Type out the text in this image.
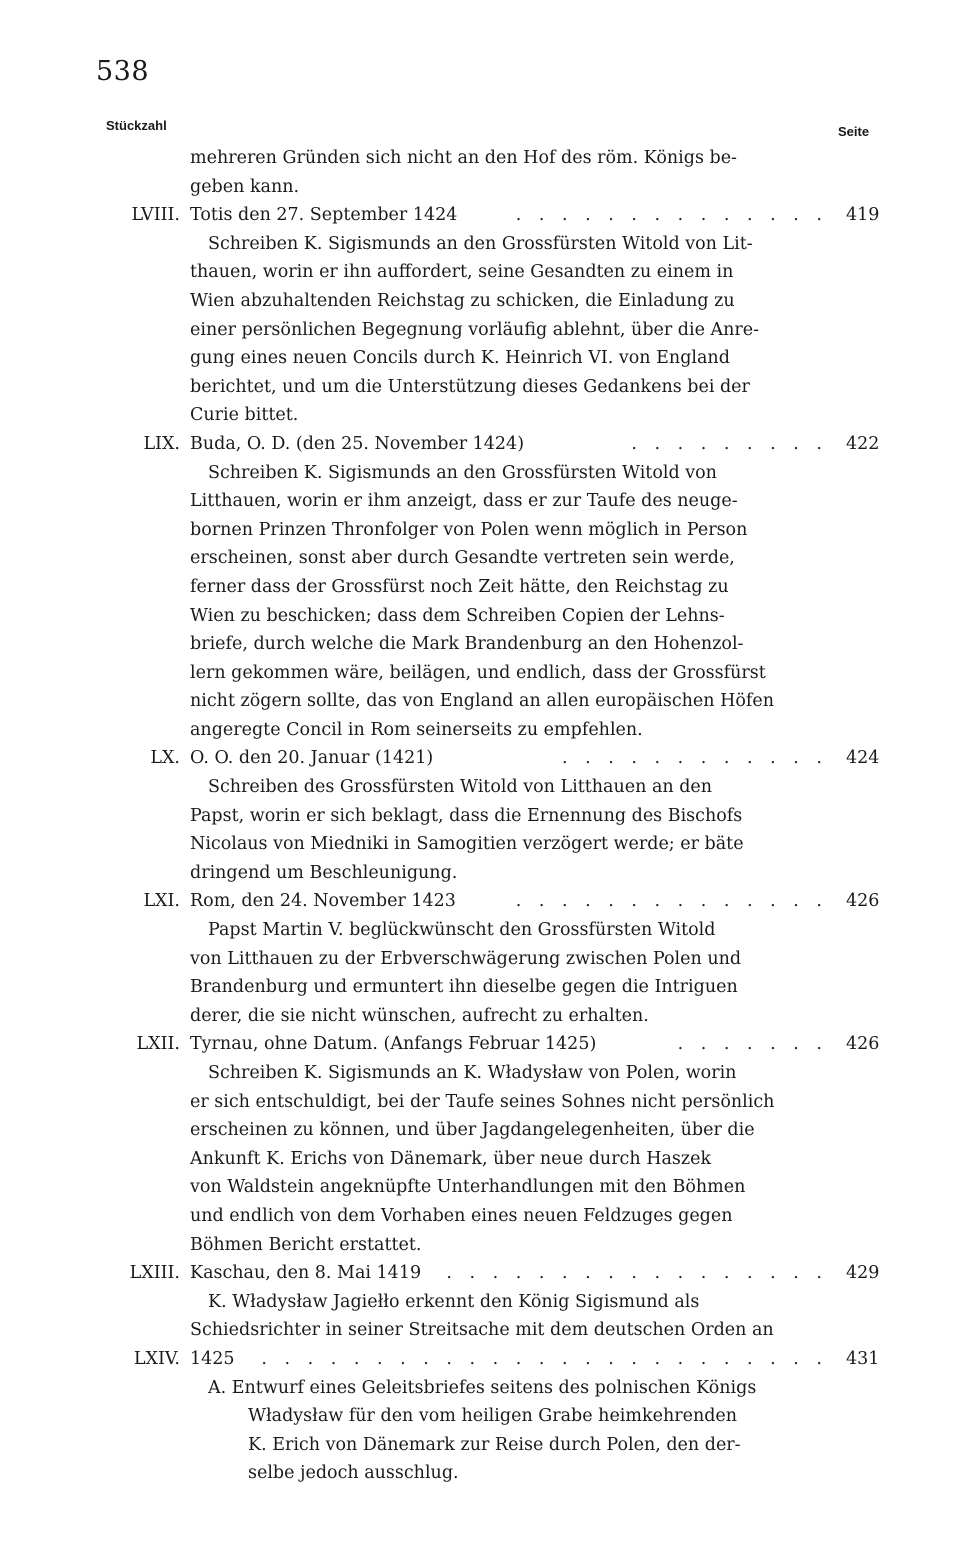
538
Stückzahl	Seite
mehreren Gründen sich nicht an den Hof des röm. Königs be-
geben kann.
LVIII. Totis den 27. September 1424	. . . . . . . . . . . . . . 419
Schreiben K. Sigismunds an den Grossfürsten Witold von Lit-
thauen, worin er ihn auffordert, seine Gesandten zu einem in
Wien abzuhaltenden Reichstag zu schicken, die Einladung zu
einer persönlichen Begegnung vorläufig ablehnt, über die Anre-
gung eines neuen Concils durch K. Heinrich VI. von England
berichtet, und um die Unterstützung dieses Gedankens bei der
Curie bittet.
LIX. Buda, O. D. (den 25. November 1424)	. . . . . . . . . 422
Schreiben K. Sigismunds an den Grossfürsten Witold von
Litthauen, worin er ihm anzeigt, dass er zur Taufe des neuge-
bornen Prinzen Thronfolger von Polen wenn möglich in Person
erscheinen, sonst aber durch Gesandte vertreten sein werde,
ferner dass der Grossfürst noch Zeit hätte, den Reichstag zu
Wien zu beschicken; dass dem Schreiben Copien der Lehns-
briefe, durch welche die Mark Brandenburg an den Hohenzol-
lern gekommen wäre, beilägen, und endlich, dass der Grossfürst
nicht zögern sollte, das von England an allen europäischen Höfen
angeregte Concil in Rom seinerseits zu empfehlen.
LX. O. O. den 20. Januar (1421)	. . . . . . . . . . . . 424
Schreiben des Grossfürsten Witold von Litthauen an den
Papst, worin er sich beklagt, dass die Ernennung des Bischofs
Nicolaus von Miedniki in Samogitien verzögert werde; er bäte
dringend um Beschleunigung.
LXI. Rom, den 24. November 1423	. . . . . . . . . . . . . . 426
Papst Martin V. beglückwünscht den Grossfürsten Witold
von Litthauen zu der Erbverschwägerung zwischen Polen und
Brandenburg und ermuntert ihn dieselbe gegen die Intriguen
derer, die sie nicht wünschen, aufrecht zu erhalten.
LXII. Tyrnau, ohne Datum. (Anfangs Februar 1425)	. . . . . . . 426
Schreiben K. Sigismunds an K. Władysław von Polen, worin
er sich entschuldigt, bei der Taufe seines Sohnes nicht persönlich
erscheinen zu können, und über Jagdangelegenheiten, über die
Ankunft K. Erichs von Dänemark, über neue durch Haszek
von Waldstein angeknüpfte Unterhandlungen mit den Böhmen
und endlich von dem Vorhaben eines neuen Feldzuges gegen
Böhmen Bericht erstattet.
LXIII. Kaschau, den 8. Mai 1419 . . . . . . . . . . . . . . . . . 429
K. Władysław Jagiełło erkennt den König Sigismund als
Schiedsrichter in seiner Streitsache mit dem deutschen Orden an
LXIV. 1425 . . . . . . . . . . . . . . . . . . . . . . . . . 431
A. Entwurf eines Geleitsbriefes seitens des polnischen Königs
Władysław für den vom heiligen Grabe heimkehrenden
K. Erich von Dänemark zur Reise durch Polen, den der-
selbe jedoch ausschlug.
